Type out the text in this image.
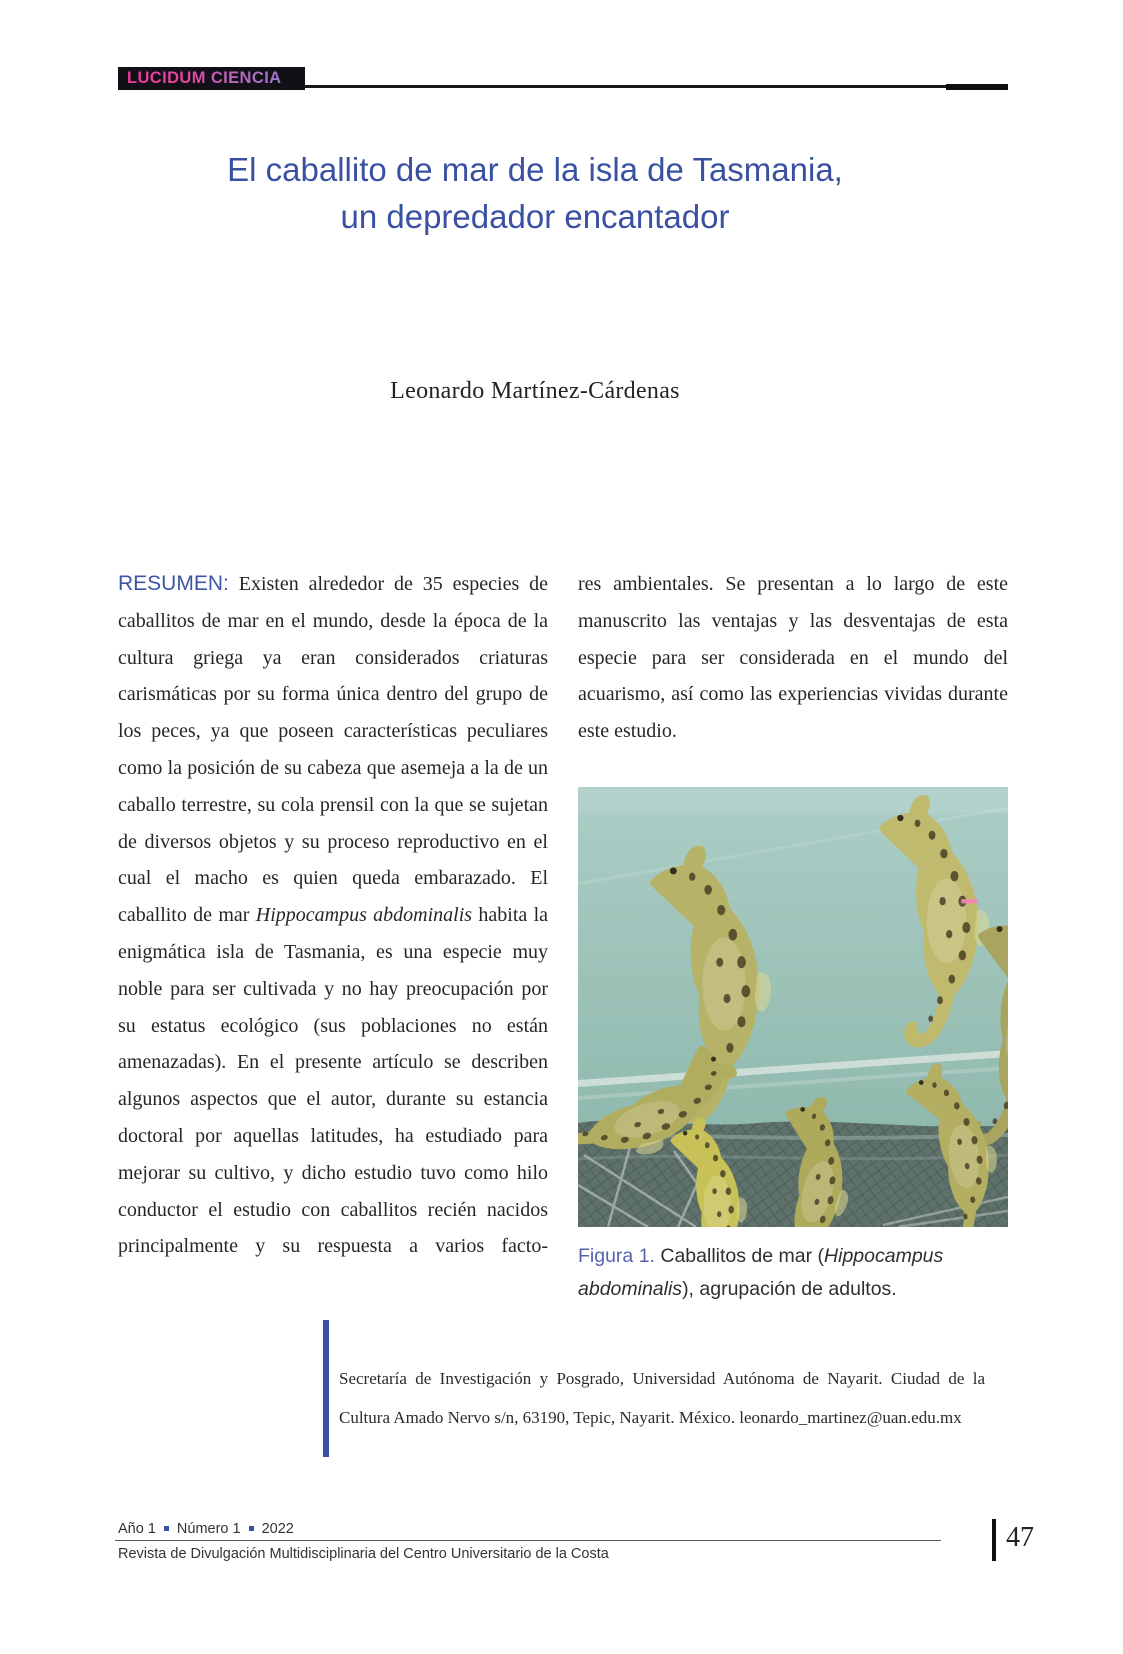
LUCIDUM CIENCIA
El caballito de mar de la isla de Tasmania,
un depredador encantador
Leonardo Martínez-Cárdenas

RESUMEN: Existen alrededor de 35 especies de caballitos de mar en el mundo, desde la época de la cultura griega ya eran considerados criaturas carismáticas por su forma única dentro del grupo de los peces, ya que poseen características peculiares como la posición de su cabeza que asemeja a la de un caballo terrestre, su cola prensil con la que se sujetan de diversos objetos y su proceso reproductivo en el cual el macho es quien queda embarazado. El caballito de mar Hippocampus abdominalis habita la enigmática isla de Tasmania, es una especie muy noble para ser cultivada y no hay preocupación por su estatus ecológico (sus poblaciones no están amenazadas). En el presente artículo se describen algunos aspectos que el autor, durante su estancia doctoral por aquellas latitudes, ha estudiado para mejorar su cultivo, y dicho estudio tuvo como hilo conductor el estudio con caballitos recién nacidos principalmente y su respuesta a varios facto-

res ambientales. Se presentan a lo largo de este manuscrito las ventajas y las desventajas de esta especie para ser considerada en el mundo del acuarismo, así como las experiencias vividas durante este estudio.

Figura 1. Caballitos de mar (Hippocampus abdominalis), agrupación de adultos.

Secretaría de Investigación y Posgrado, Universidad Autónoma de Nayarit. Ciudad de la Cultura Amado Nervo s/n, 63190, Tepic, Nayarit. México. leonardo_​martinez@uan.edu.mx

Año 1 Número 1 2022
Revista de Divulgación Multidisciplinaria del Centro Universitario de la Costa
47
